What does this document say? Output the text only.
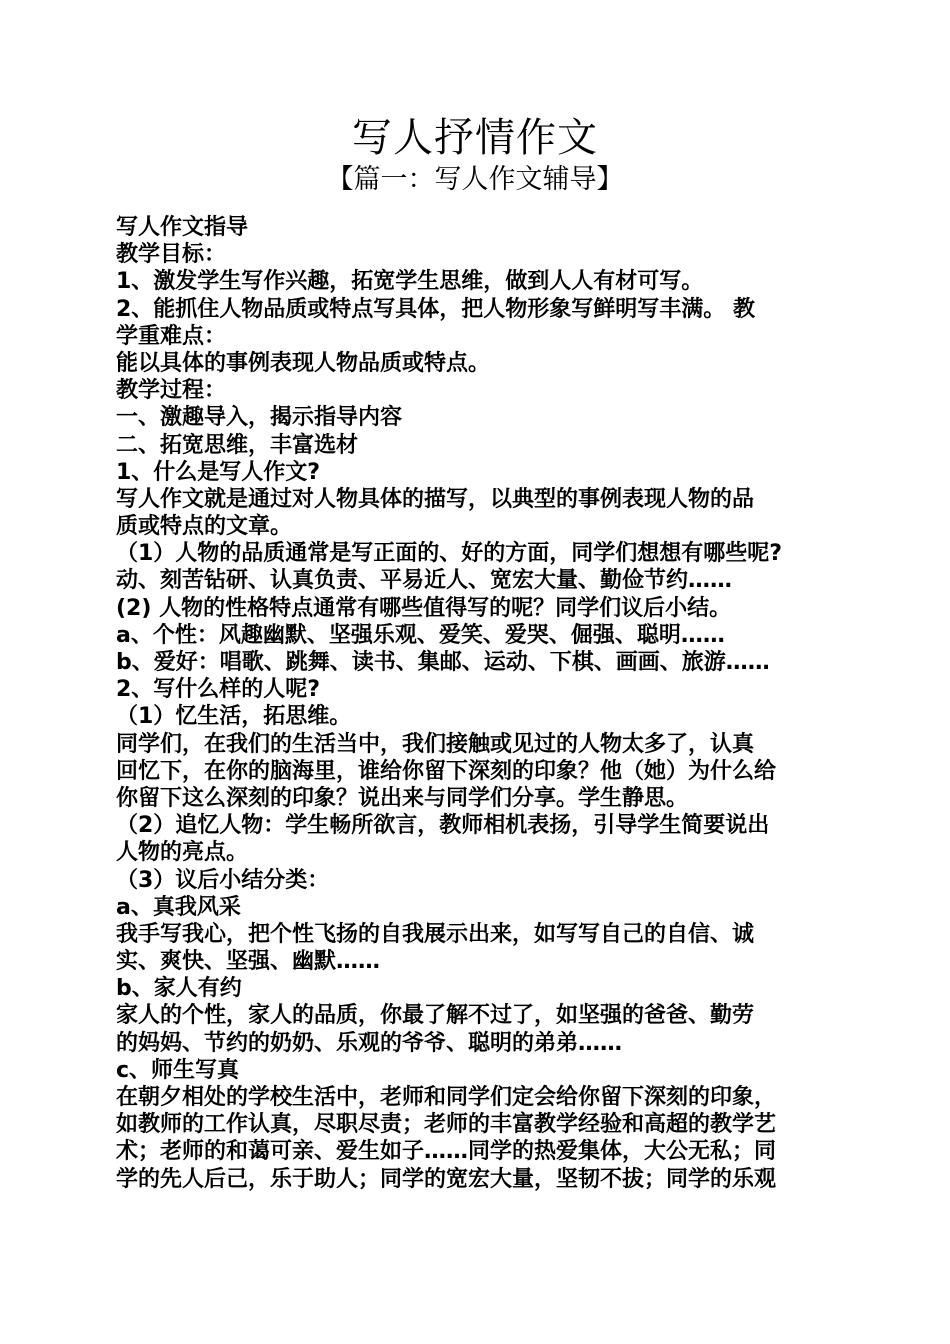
写人抒情作文
【篇一：写人作文辅导】
写人作文指导
教学目标：
1、激发学生写作兴趣，拓宽学生思维，做到人人有材可写。
2、能抓住人物品质或特点写具体，把人物形象写鲜明写丰满。 教
学重难点：
能以具体的事例表现人物品质或特点。
教学过程：
一、激趣导入，揭示指导内容
二、拓宽思维，丰富选材
1、什么是写人作文?
写人作文就是通过对人物具体的描写，以典型的事例表现人物的品
质或特点的文章。
（1）人物的品质通常是写正面的、好的方面，同学们想想有哪些呢?
动、刻苦钻研、认真负责、平易近人、宽宏大量、勤俭节约……
(2) 人物的性格特点通常有哪些值得写的呢？同学们议后小结。
a、个性：风趣幽默、坚强乐观、爱笑、爱哭、倔强、聪明……
b、爱好：唱歌、跳舞、读书、集邮、运动、下棋、画画、旅游……
2、写什么样的人呢?
（1）忆生活，拓思维。
同学们，在我们的生活当中，我们接触或见过的人物太多了，认真
回忆下，在你的脑海里，谁给你留下深刻的印象？他（她）为什么给
你留下这么深刻的印象？说出来与同学们分享。学生静思。
（2）追忆人物：学生畅所欲言，教师相机表扬，引导学生简要说出
人物的亮点。
（3）议后小结分类：
a、真我风采
我手写我心，把个性飞扬的自我展示出来，如写写自己的自信、诚
实、爽快、坚强、幽默……
b、家人有约
家人的个性，家人的品质，你最了解不过了，如坚强的爸爸、勤劳
的妈妈、节约的奶奶、乐观的爷爷、聪明的弟弟……
c、师生写真
在朝夕相处的学校生活中，老师和同学们定会给你留下深刻的印象，
如教师的工作认真，尽职尽责；老师的丰富教学经验和高超的教学艺
术；老师的和蔼可亲、爱生如子……同学的热爱集体，大公无私；同
学的先人后己，乐于助人；同学的宽宏大量，坚韧不拔；同学的乐观
